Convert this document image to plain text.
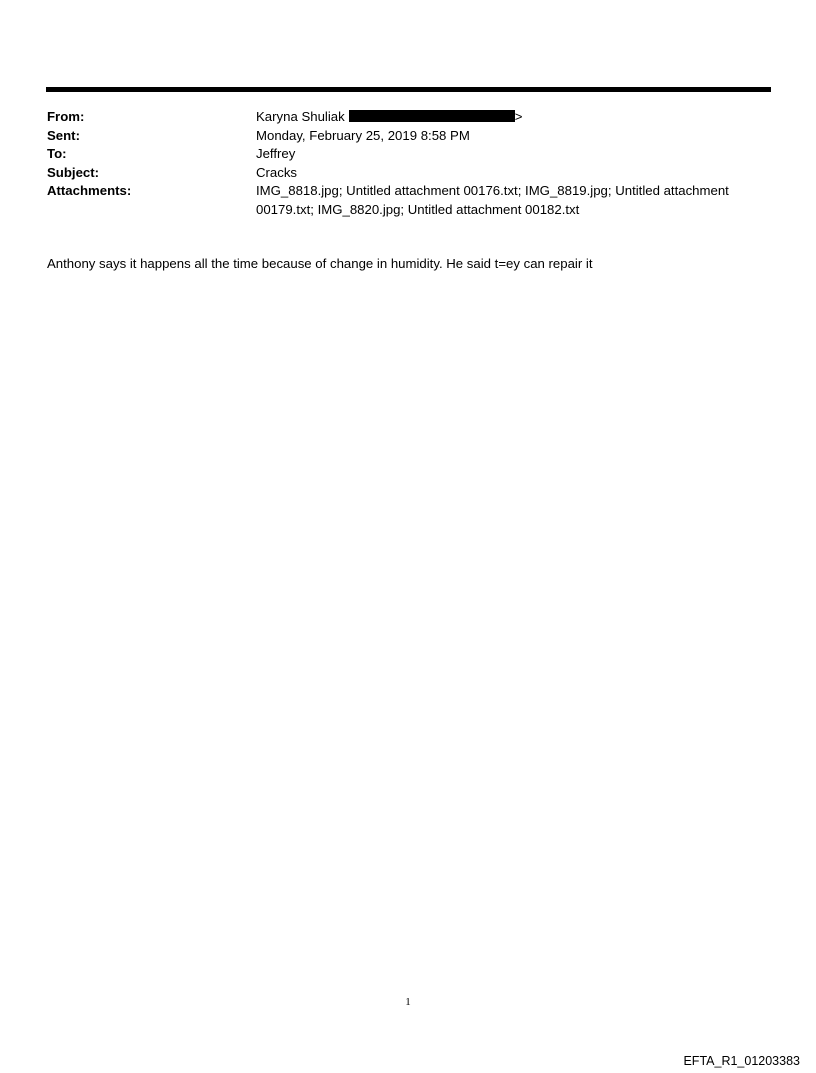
From:	Karyna Shuliak	>
Sent:	Monday, February 25, 2019 8:58 PM
To:	Jeffrey
Subject:	Cracks
Attachments:	IMG_8818.jpg; Untitled attachment 00176.txt; IMG_8819.jpg; Untitled attachment 00179.txt; IMG_8820.jpg; Untitled attachment 00182.txt
Anthony says it happens all the time because of change in humidity. He said t=ey can repair it
1
EFTA_R1_01203383
